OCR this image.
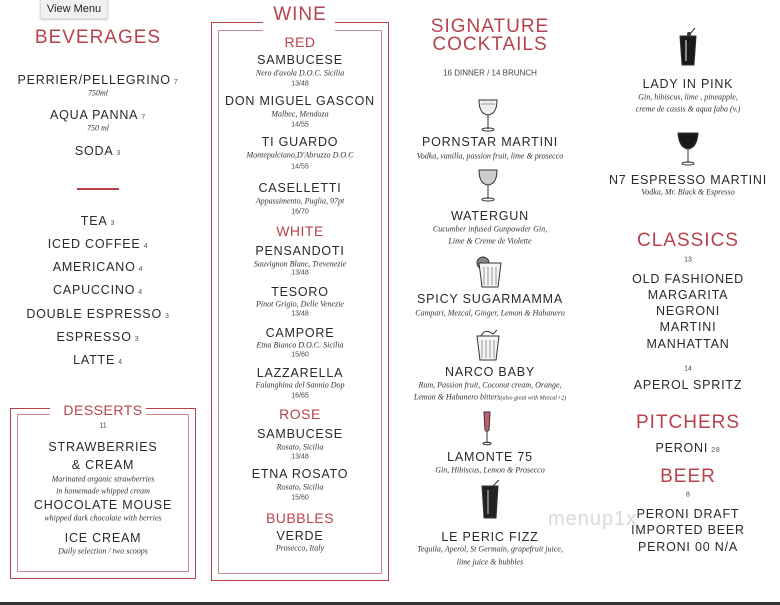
View Menu
BEVERAGES
PERRIER/PELLEGRINO 7
750ml
AQUA PANNA 7
750 ml
SODA 3
TEA 3
ICED COFFEE 4
AMERICANO 4
CAPUCCINO 4
DOUBLE ESPRESSO 3
ESPRESSO 3
LATTE 4
DESSERTS
11
STRAWBERRIES
& CREAM
Marinated organic strawberries
in homemade whipped cream
CHOCOLATE MOUSE
whipped dark chocolate with berries
ICE CREAM
Daily selection / two scoops
WINE
RED
SAMBUCESE
Nero d'avola D.O.C. Sicilia
13/48
DON MIGUEL GASCON
Malbec, Mendoza
14/55
TI GUARDO
Montepulciano,D'Abruzzo D.O.C
14/55
CASELLETTI
Appassimento, Puglia, 97pt
16/70
WHITE
PENSANDOTI
Sauvignon Blanc, Trevenezie
13/48
TESORO
Pinot Grigio, Delle Venezie
13/48
CAMPORE
Etna Bianco D.O.C. Sicilia
15/60
LAZZARELLA
Falanghina del Sannio Dop
16/65
ROSE
SAMBUCESE
Rosato, Sicilia
13/48
ETNA ROSATO
Rosato, Sicilia
15/60
BUBBLES
VERDE
Prosecco, Italy
SIGNATURE
COCKTAILS
16 DINNER / 14 BRUNCH
PORNSTAR MARTINI
Vodka, vanilla, passion fruit, lime & prosecco
WATERGUN
Cucumber infused Gunpowder Gin,
Lime & Creme de Violette
SPICY SUGARMAMMA
Campari, Mezcal, Ginger, Lemon & Habanero
NARCO BABY
Rum, Passion fruit, Coconut cream, Orange,
Lemon & Habanero bitters(also great with Mezcal+2)
LAMONTE 75
Gin, Hibiscus, Lemon & Prosecco
LE PERIC FIZZ
Tequila, Aperol, St Germain, grapefruit juice,
lime juice & bubbles
LADY IN PINK
Gin, hibiscus, lime , pineapple,
creme de cassis & aqua faba (v.)
N7 ESPRESSO MARTINI
Vodka, Mr. Black & Espresso
CLASSICS
13
OLD FASHIONED
MARGARITA
NEGRONI
MARTINI
MANHATTAN
14
APEROL SPRITZ
PITCHERS
PERONI 28
BEER
8
PERONI DRAFT
IMPORTED BEER
PERONI 00 N/A
menup1x
